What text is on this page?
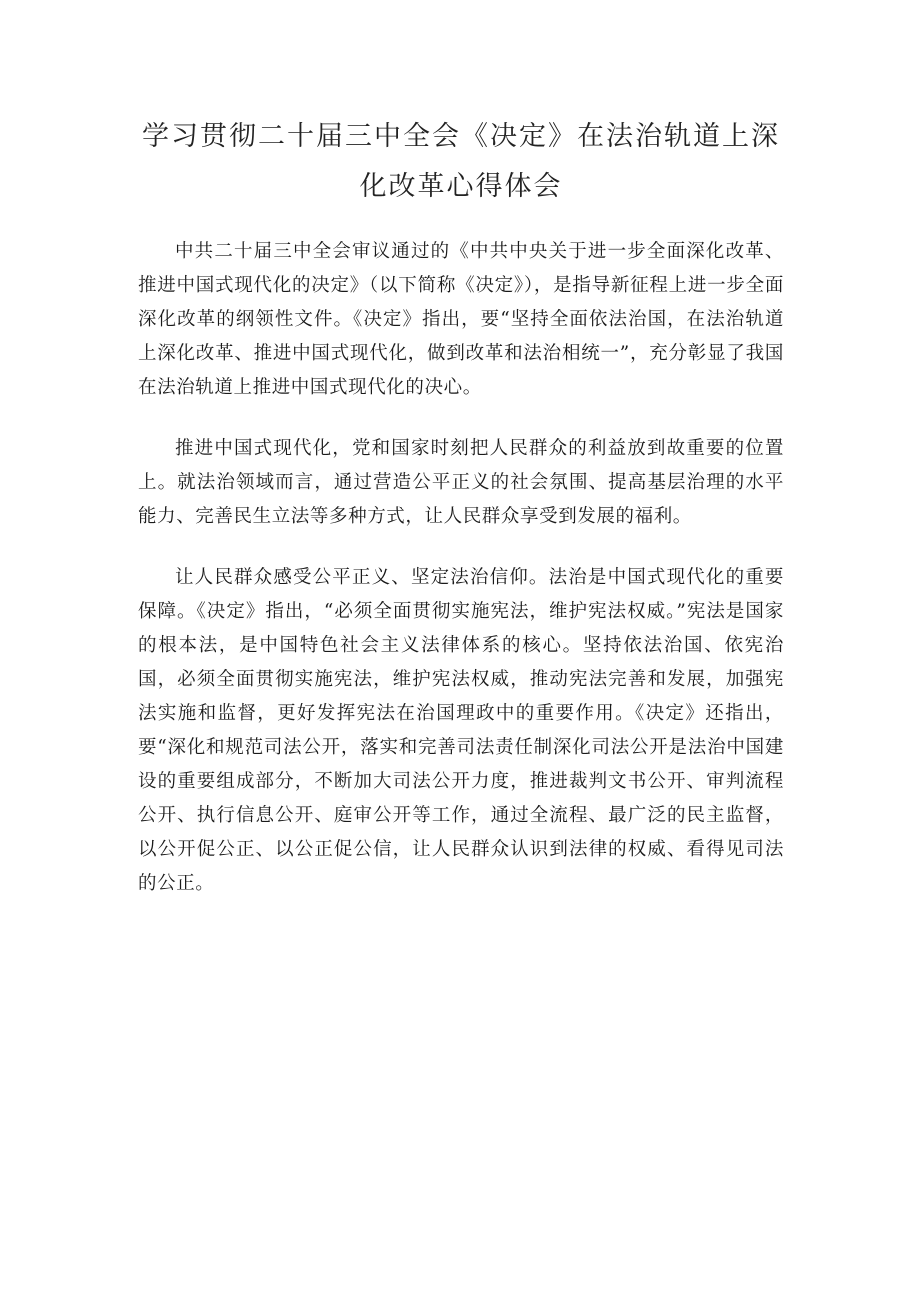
学习贯彻二十届三中全会《决定》在法治轨道上深
化改革心得体会

中共二十届三中全会审议通过的《中共中央关于进一步全面深化改革、推进中国式现代化的决定》（以下简称《决定》），是指导新征程上进一步全面深化改革的纲领性文件。《决定》指出，要“坚持全面依法治国，在法治轨道上深化改革、推进中国式现代化，做到改革和法治相统一”，充分彰显了我国在法治轨道上推进中国式现代化的决心。

推进中国式现代化，党和国家时刻把人民群众的利益放到故重要的位置上。就法治领域而言，通过营造公平正义的社会氛围、提高基层治理的水平能力、完善民生立法等多种方式，让人民群众享受到发展的福利。

让人民群众感受公平正义、坚定法治信仰。法治是中国式现代化的重要保障。《决定》指出，“必须全面贯彻实施宪法，维护宪法权威。”宪法是国家的根本法，是中国特色社会主义法律体系的核心。坚持依法治国、依宪治国，必须全面贯彻实施宪法，维护宪法权威，推动宪法完善和发展，加强宪法实施和监督，更好发挥宪法在治国理政中的重要作用。《决定》还指出，要“深化和规范司法公开，落实和完善司法责任制深化司法公开是法治中国建设的重要组成部分，不断加大司法公开力度，推进裁判文书公开、审判流程公开、执行信息公开、庭审公开等工作，通过全流程、最广泛的民主监督，以公开促公正、以公正促公信，让人民群众认识到法律的权威、看得见司法的公正。
